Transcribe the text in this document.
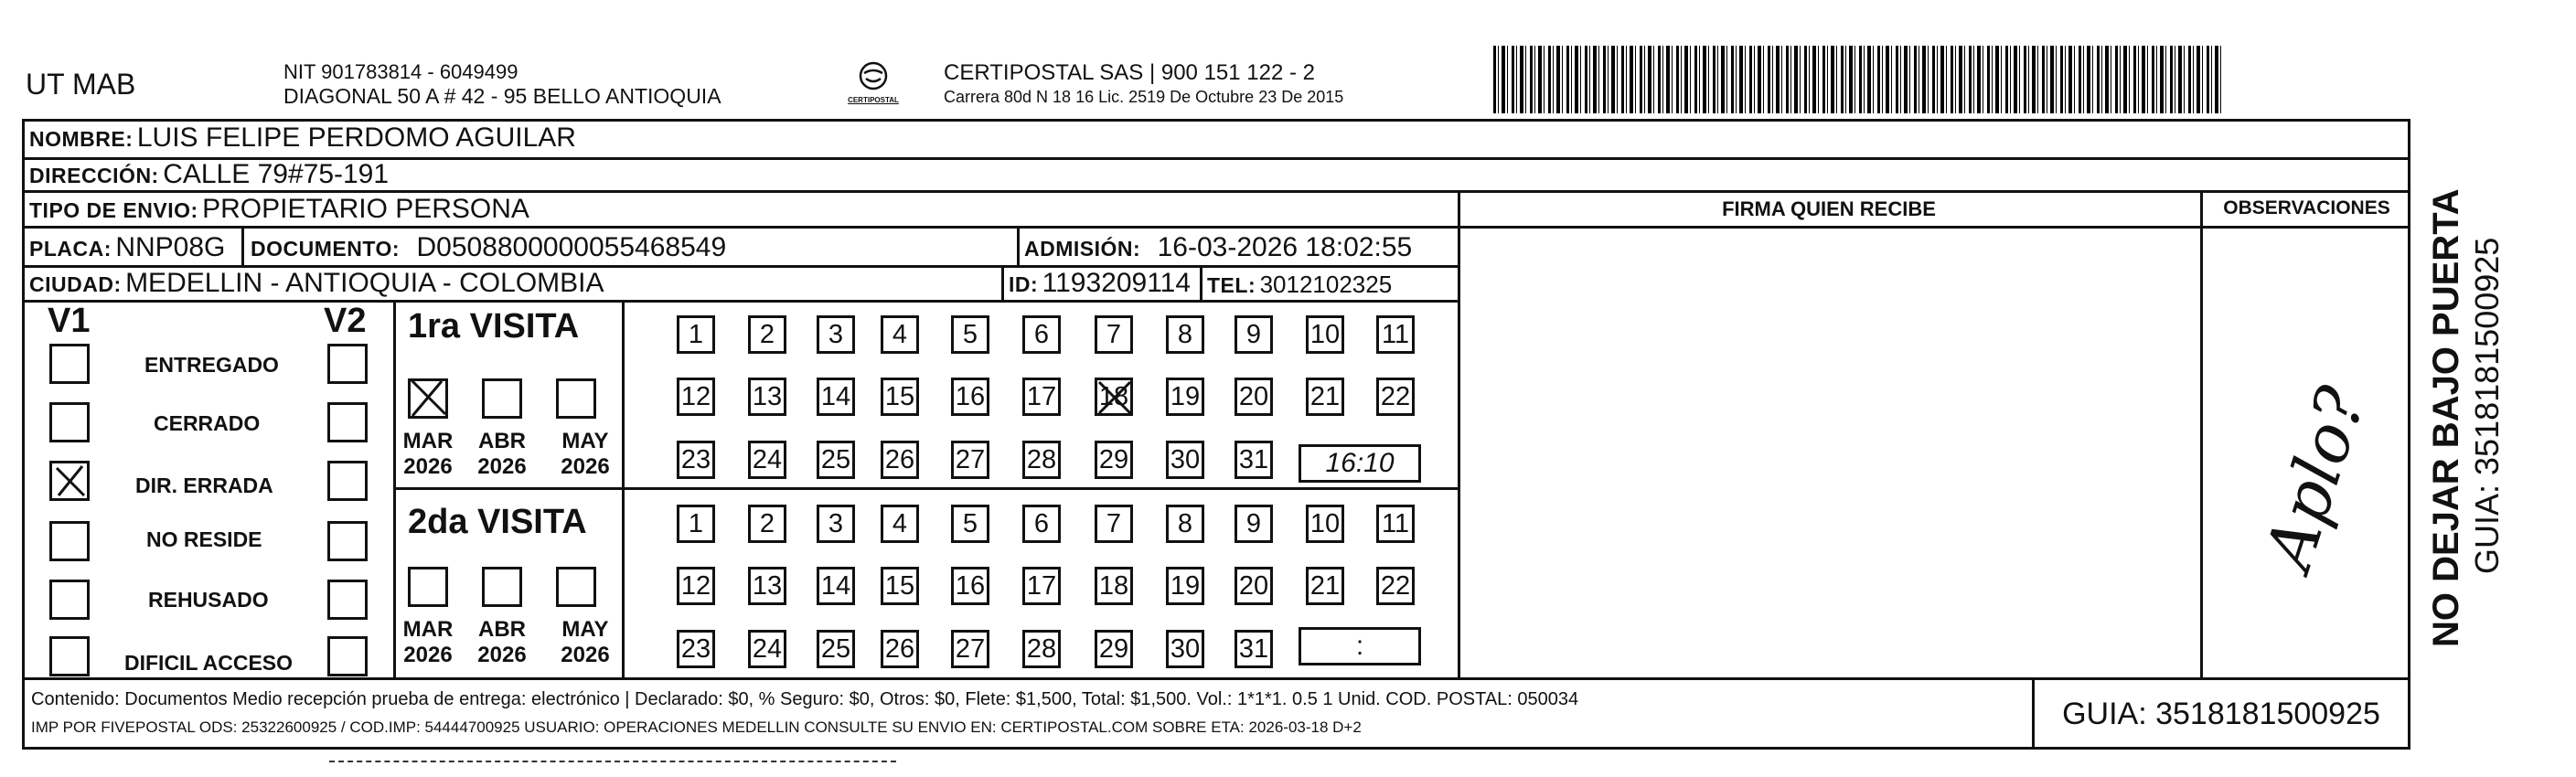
UT MAB	NIT 901783814 - 6049499
DIAGONAL 50 A # 42 - 95 BELLO ANTIOQUIA	CERTIPOSTAL
CERTIPOSTAL SAS | 900 151 122 - 2
Carrera 80d N 18 16 Lic. 2519 De Octubre 23 De 2015
NOMBRE: LUIS FELIPE PERDOMO AGUILAR
DIRECCIÓN: CALLE 79#75-191
TIPO DE ENVIO: PROPIETARIO PERSONA	FIRMA QUIEN RECIBE	OBSERVACIONES
PLACA: NNP08G DOCUMENTO: D0508800000055468549	ADMISIÓN: 16-03-2026 18:02:55
CIUDAD: MEDELLIN - ANTIOQUIA - COLOMBIA	ID: 1193209114 TEL: 3012102325
V1	V2
ENTREGADO
CERRADO
DIR. ERRADA
NO RESIDE
REHUSADO
DIFICIL ACCESO
1ra VISITA
MAR ABR MAY
2026 2026 2026
1	2	3	4	5	6	7	8	9	10 11
12 13 14 15 16 17 18 19 20 21 22
23 24 25 26 27 28 29 30 31	16:10
2da VISITA
MAR ABR MAY
2026 2026 2026
1	2	3	4	5	6	7	8	9	10 11
12 13 14 15 16 17 18 19 20 21 22
23 24 25 26 27 28 29 30 31	:
Aplo?
Contenido: Documentos Medio recepción prueba de entrega: electrónico | Declarado: $0, % Seguro: $0, Otros: $0, Flete: $1,500, Total: $1,500. Vol.: 1*1*1. 0.5 1 Unid. COD. POSTAL: 050034
IMP POR FIVEPOSTAL ODS: 25322600925 / COD.IMP: 54444700925 USUARIO: OPERACIONES MEDELLIN CONSULTE SU ENVIO EN: CERTIPOSTAL.COM SOBRE ETA: 2026-03-18 D+2	GUIA: 3518181500925
NO DEJAR BAJO PUERTA GUIA: 3518181500925
